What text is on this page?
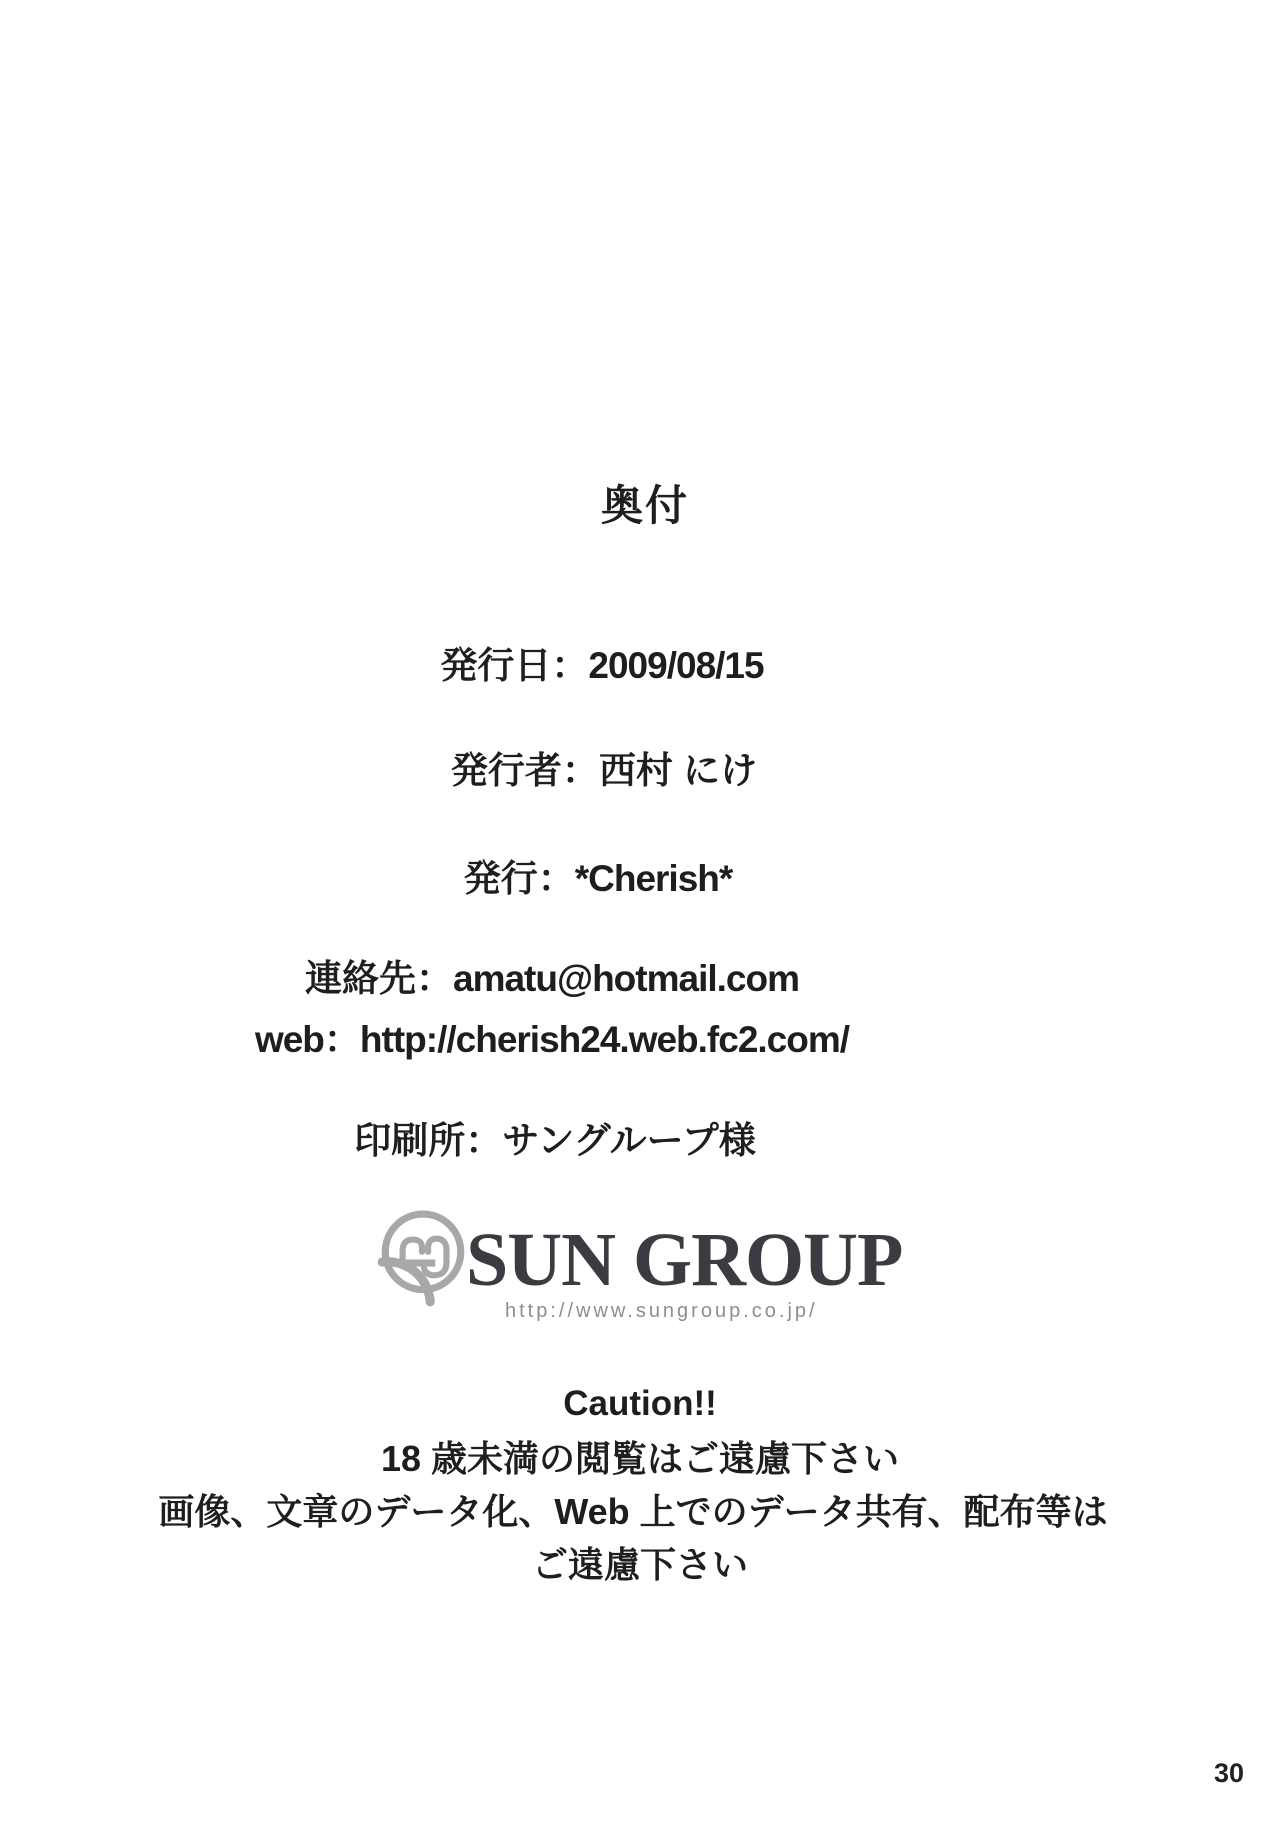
奥付
発行日：2009/08/15
発行者：西村 にけ
発行：*Cherish*
連絡先：amatu@hotmail.com
web：http://cherish24.web.fc2.com/
印刷所：サングループ様
SUN GROUP
http://www.sungroup.co.jp/
Caution!!
18 歳未満の閲覧はご遠慮下さい
画像、文章のデータ化、Web 上でのデータ共有、配布等は
ご遠慮下さい
30
